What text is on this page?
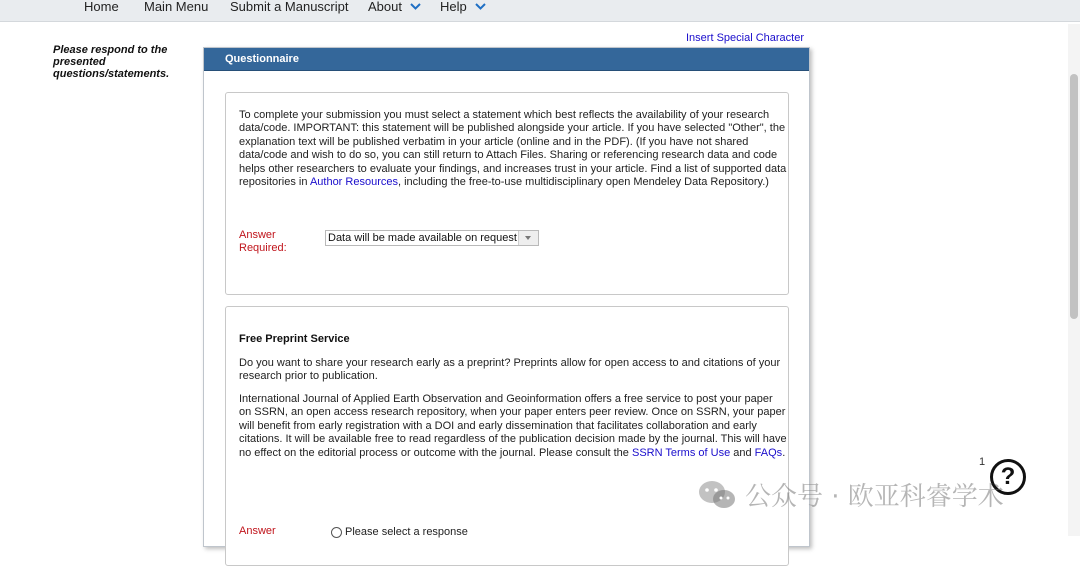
Home Main Menu Submit a Manuscript About	Help
Please respond to the presented questions/statements.
Insert Special Character
Questionnaire
To complete your submission you must select a statement which best reflects the availability of your research data/code. IMPORTANT: this statement will be published alongside your article. If you have selected "Other", the explanation text will be published verbatim in your article (online and in the PDF). (If you have not shared data/code and wish to do so, you can still return to Attach Files. Sharing or referencing research data and code helps other researchers to evaluate your findings, and increases trust in your article. Find a list of supported data repositories in Author Resources, including the free-to-use multidisciplinary open Mendeley Data Repository.)
Answer Required:
Data will be made available on request
Free Preprint Service
Do you want to share your research early as a preprint? Preprints allow for open access to and citations of your research prior to publication.
International Journal of Applied Earth Observation and Geoinformation offers a free service to post your paper on SSRN, an open access research repository, when your paper enters peer review. Once on SSRN, your paper will benefit from early registration with a DOI and early dissemination that facilitates collaboration and early citations. It will be available free to read regardless of the publication decision made by the journal. This will have no effect on the editorial process or outcome with the journal. Please consult the SSRN Terms of Use and FAQs.
Answer	Please select a response
1
?
公众号 · 欧亚科睿学术
